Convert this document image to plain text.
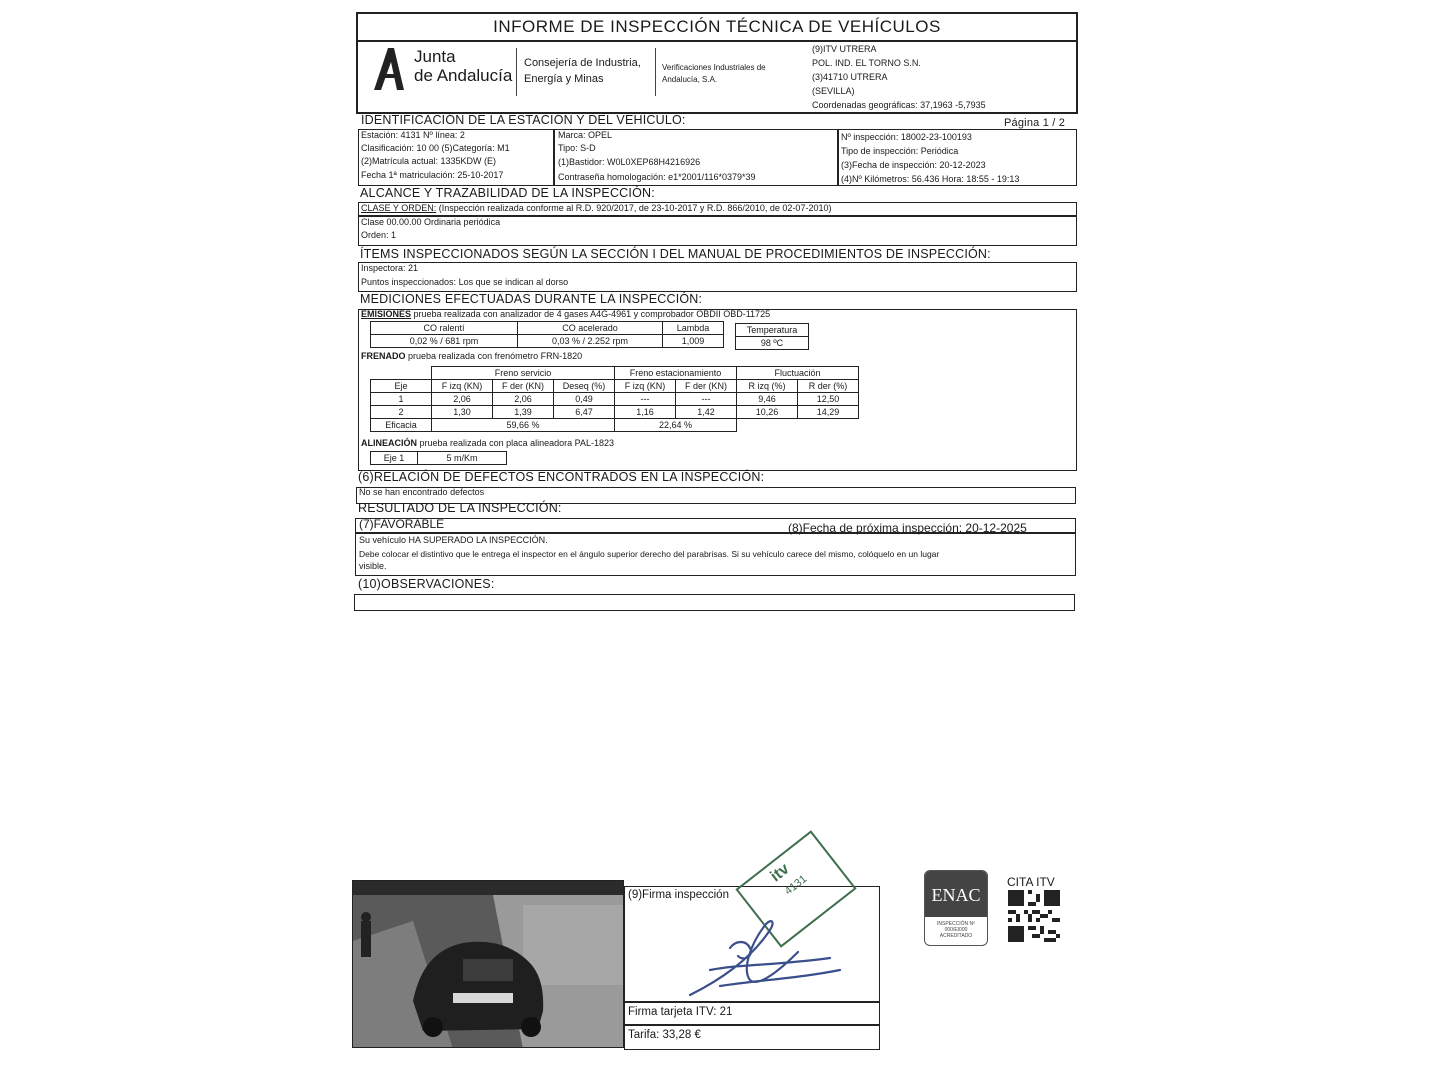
INFORME DE INSPECCIÓN TÉCNICA DE VEHÍCULOS
Junta
de Andalucía
Consejería de Industria,
Energía y Minas
Verificaciones Industriales de
Andalucía, S.A.
(9)ITV UTRERA
POL. IND. EL TORNO S.N.
(3)41710 UTRERA
(SEVILLA)
Coordenadas geográficas: 37,1963 -5,7935
IDENTIFICACIÓN DE LA ESTACIÓN Y DEL VEHÍCULO:	Página 1 / 2
Estación: 4131 Nº línea: 2
Clasificación: 10 00 (5)Categoría: M1
(2)Matrícula actual: 1335KDW (E)
Fecha 1ª matriculación: 25-10-2017
Marca: OPEL
Tipo: S-D
(1)Bastidor: W0L0XEP68H4216926
Contraseña homologación: e1*2001/116*0379*39
Nº inspección: 18002-23-100193
Tipo de inspección: Periódica
(3)Fecha de inspección: 20-12-2023
(4)Nº Kilómetros: 56.436 Hora: 18:55 - 19:13
ALCANCE Y TRAZABILIDAD DE LA INSPECCIÓN:
CLASE Y ORDEN: (Inspección realizada conforme al R.D. 920/2017, de 23-10-2017 y R.D. 866/2010, de 02-07-2010)
Clase 00.00.00 Ordinaria periódica
Orden: 1
ÍTEMS INSPECCIONADOS SEGÚN LA SECCIÓN I DEL MANUAL DE PROCEDIMIENTOS DE INSPECCIÓN:
Inspectora: 21
Puntos inspeccionados: Los que se indican al dorso
MEDICIONES EFECTUADAS DURANTE LA INSPECCIÓN:
EMISIONES prueba realizada con analizador de 4 gases A4G-4961 y comprobador OBDII OBD-11725
CO ralentí	CO acelerado	Lambda
0,02 % / 681 rpm	0,03 % / 2.252 rpm	1,009
Temperatura
98 ºC
FRENADO prueba realizada con frenómetro FRN-1820
	Freno servicio			Freno estacionamiento		Fluctuación	
Eje	F izq (KN)	F der (KN)	Deseq (%)	F izq (KN)	F der (KN)	R izq (%)	R der (%)
1	2,06	2,06	0,49	---	---	9,46	12,50
2	1,30	1,39	6,47	1,16	1,42	10,26	14,29
Eficacia	59,66 %			22,64 %			
ALINEACIÓN prueba realizada con placa alineadora PAL-1823
Eje 1	5 m/Km
(6)RELACIÓN DE DEFECTOS ENCONTRADOS EN LA INSPECCIÓN:
No se han encontrado defectos
RESULTADO DE LA INSPECCIÓN:
(7)FAVORABLE	(8)Fecha de próxima inspección: 20-12-2025
Su vehículo HA SUPERADO LA INSPECCIÓN.
Debe colocar el distintivo que le entrega el inspector en el ángulo superior derecho del parabrisas. Si su vehículo carece del mismo, colóquelo en un lugar
visible.
(10)OBSERVACIONES:
(9)Firma inspección
Firma tarjeta ITV: 21
Tarifa: 33,28 €
itv
4131	ENAC
INSPECCIÓN Nº 000/EI000 ACREDITADO
CITA ITV
